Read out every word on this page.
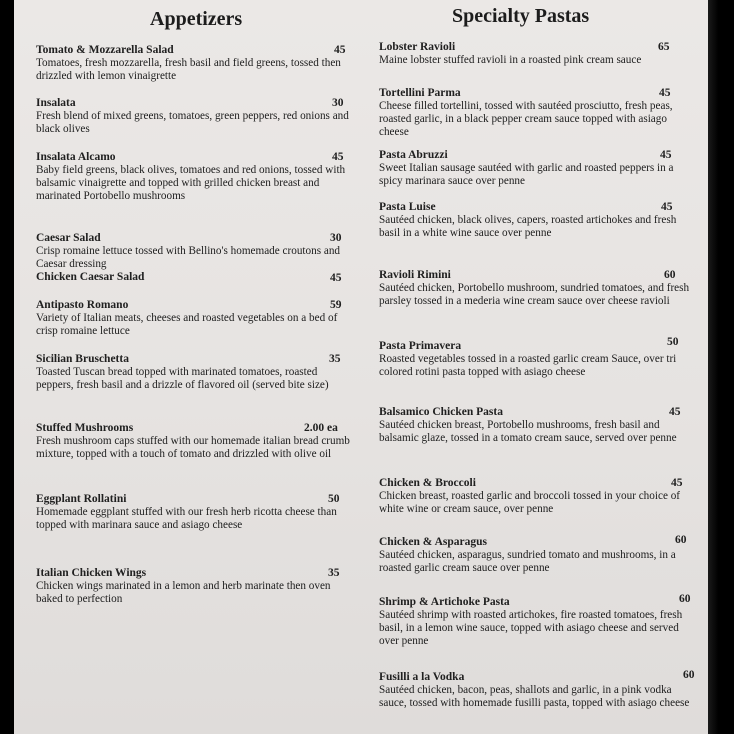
Appetizers
Tomato & Mozzarella Salad
Tomatoes, fresh mozzarella, fresh basil and field greens, tossed then drizzled with lemon vinaigrette
45
Insalata
Fresh blend of mixed greens, tomatoes, green peppers, red onions and black olives
30
Insalata Alcamo
Baby field greens, black olives, tomatoes and red onions, tossed with balsamic vinaigrette and topped with grilled chicken breast and marinated Portobello mushrooms
45
Caesar Salad
Crisp romaine lettuce tossed with Bellino's homemade croutons and Caesar dressing
Chicken Caesar Salad
30
45
Antipasto Romano
Variety of Italian meats, cheeses and roasted vegetables on a bed of crisp romaine lettuce
59
Sicilian Bruschetta
Toasted Tuscan bread topped with marinated tomatoes, roasted peppers, fresh basil and a drizzle of flavored oil (served bite size)
35
Stuffed Mushrooms
Fresh mushroom caps stuffed with our homemade italian bread crumb mixture, topped with a touch of tomato and drizzled with olive oil
2.00 ea
Eggplant Rollatini
Homemade eggplant stuffed with our fresh herb ricotta cheese than topped with marinara sauce and asiago cheese
50
Italian Chicken Wings
Chicken wings marinated in a lemon and herb marinate then oven baked to perfection
35
Specialty Pastas
Lobster Ravioli
Maine lobster stuffed ravioli in a roasted pink cream sauce
65
Tortellini Parma
Cheese filled tortellini, tossed with sautéed prosciutto, fresh peas, roasted garlic, in a black pepper cream sauce topped with asiago cheese
45
Pasta Abruzzi
Sweet Italian sausage sautéed with garlic and roasted peppers in a spicy marinara sauce over penne
45
Pasta Luise
Sautéed chicken, black olives, capers, roasted artichokes and fresh basil in a white wine sauce over penne
45
Ravioli Rimini
Sautéed chicken, Portobello mushroom, sundried tomatoes, and fresh parsley tossed in a mederia wine cream sauce over cheese ravioli
60
Pasta Primavera
Roasted vegetables tossed in a roasted garlic cream Sauce, over tri colored rotini pasta topped with asiago cheese
50
Balsamico Chicken Pasta
Sautéed chicken breast, Portobello mushrooms, fresh basil and balsamic glaze, tossed in a tomato cream sauce, served over penne
45
Chicken & Broccoli
Chicken breast, roasted garlic and broccoli tossed in your choice of white wine or cream sauce, over penne
45
Chicken & Asparagus
Sautéed chicken, asparagus, sundried tomato and mushrooms, in a roasted garlic cream sauce over penne
60
Shrimp & Artichoke Pasta
Sautéed shrimp with roasted artichokes, fire roasted tomatoes, fresh basil, in a lemon wine sauce, topped with asiago cheese and served over penne
60
Fusilli a la Vodka
Sautéed chicken, bacon, peas, shallots and garlic, in a pink vodka sauce, tossed with homemade fusilli pasta, topped with asiago cheese
60
